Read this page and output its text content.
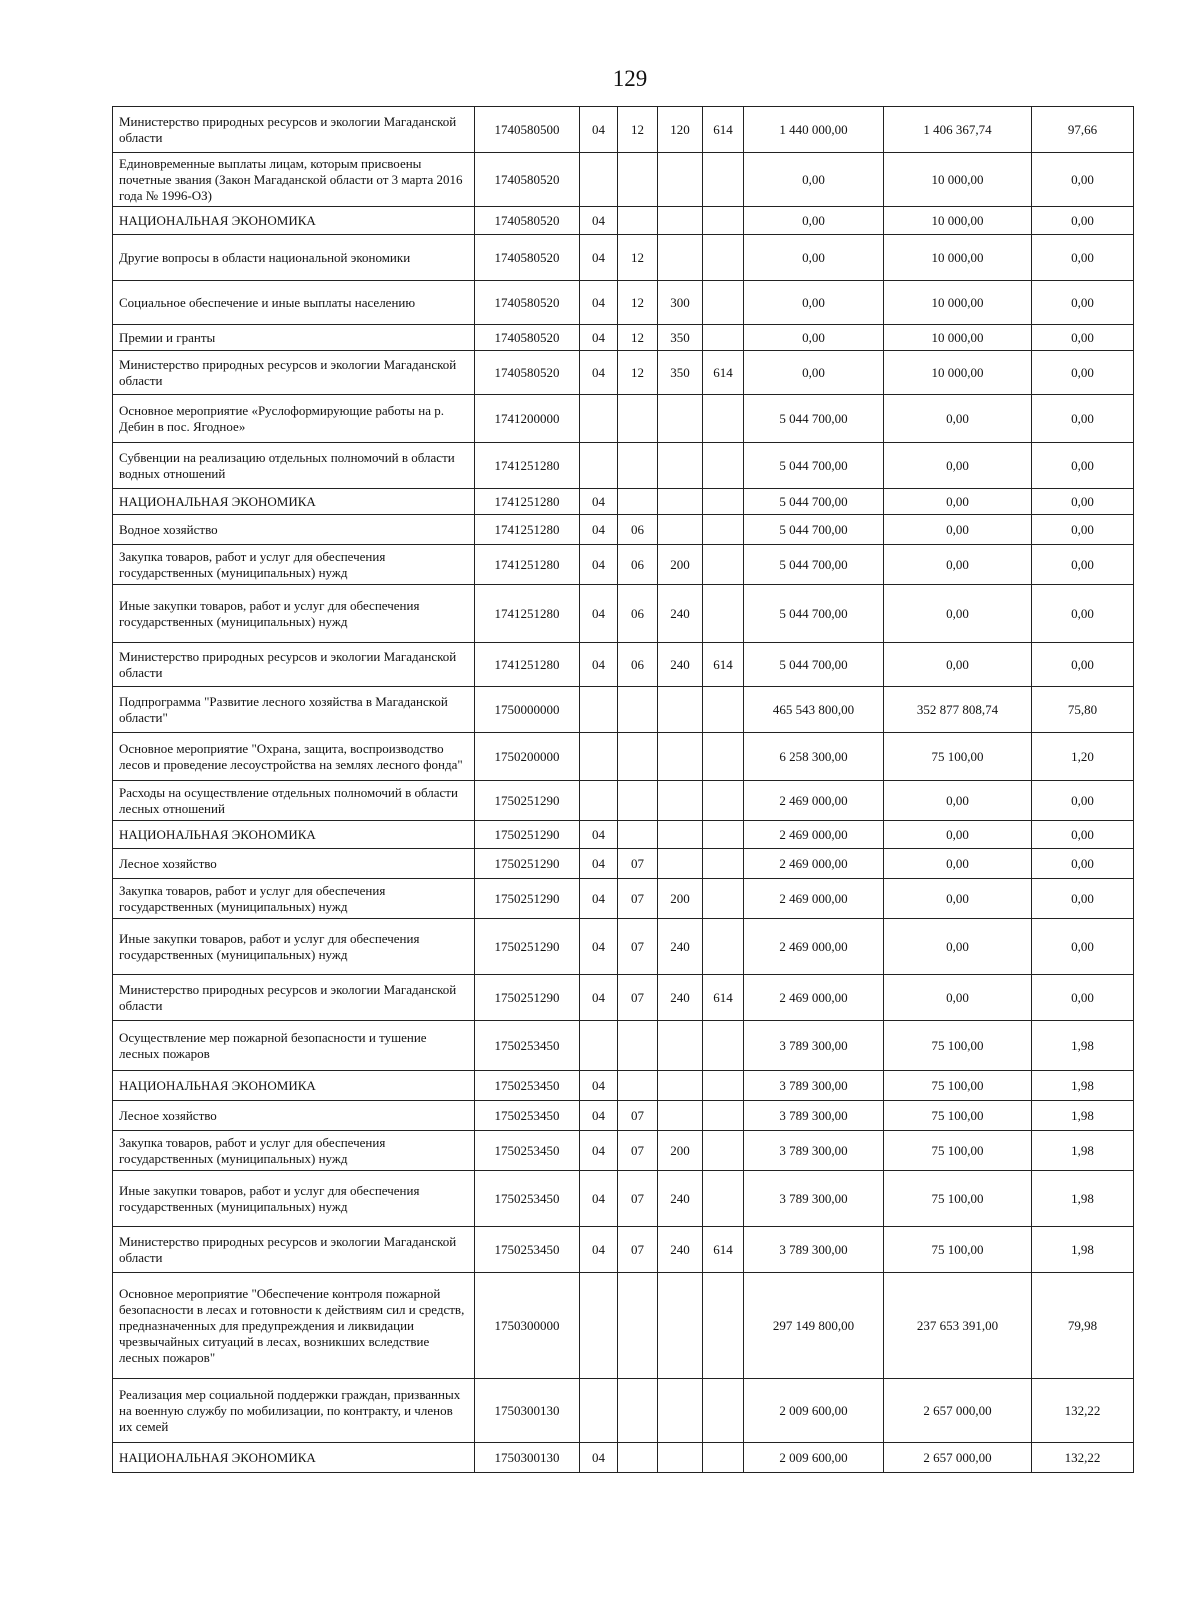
129
Министерство природных ресурсов и экологии Магаданской области	1740580500	04	12	120	614	1 440 000,00	1 406 367,74	97,66
Единовременные выплаты лицам, которым присвоены почетные звания (Закон Магаданской области от 3 марта 2016 года № 1996-ОЗ)	1740580520					0,00	10 000,00	0,00
НАЦИОНАЛЬНАЯ ЭКОНОМИКА	1740580520	04				0,00	10 000,00	0,00
Другие вопросы в области национальной экономики	1740580520	04	12			0,00	10 000,00	0,00
Социальное обеспечение и иные выплаты населению	1740580520	04	12	300		0,00	10 000,00	0,00
Премии и гранты	1740580520	04	12	350		0,00	10 000,00	0,00
Министерство природных ресурсов и экологии Магаданской области	1740580520	04	12	350	614	0,00	10 000,00	0,00
Основное мероприятие «Руслоформирующие работы на р. Дебин в пос. Ягодное»	1741200000					5 044 700,00	0,00	0,00
Субвенции на реализацию отдельных полномочий в области водных отношений	1741251280					5 044 700,00	0,00	0,00
НАЦИОНАЛЬНАЯ ЭКОНОМИКА	1741251280	04				5 044 700,00	0,00	0,00
Водное хозяйство	1741251280	04	06			5 044 700,00	0,00	0,00
Закупка товаров, работ и услуг для обеспечения государственных (муниципальных) нужд	1741251280	04	06	200		5 044 700,00	0,00	0,00
Иные закупки товаров, работ и услуг для обеспечения государственных (муниципальных) нужд	1741251280	04	06	240		5 044 700,00	0,00	0,00
Министерство природных ресурсов и экологии Магаданской области	1741251280	04	06	240	614	5 044 700,00	0,00	0,00
Подпрограмма "Развитие лесного хозяйства в Магаданской области"	1750000000					465 543 800,00	352 877 808,74	75,80
Основное мероприятие "Охрана, защита, воспроизводство лесов и проведение лесоустройства на землях лесного фонда"	1750200000					6 258 300,00	75 100,00	1,20
Расходы на осуществление отдельных полномочий в области лесных отношений	1750251290					2 469 000,00	0,00	0,00
НАЦИОНАЛЬНАЯ ЭКОНОМИКА	1750251290	04				2 469 000,00	0,00	0,00
Лесное хозяйство	1750251290	04	07			2 469 000,00	0,00	0,00
Закупка товаров, работ и услуг для обеспечения государственных (муниципальных) нужд	1750251290	04	07	200		2 469 000,00	0,00	0,00
Иные закупки товаров, работ и услуг для обеспечения государственных (муниципальных) нужд	1750251290	04	07	240		2 469 000,00	0,00	0,00
Министерство природных ресурсов и экологии Магаданской области	1750251290	04	07	240	614	2 469 000,00	0,00	0,00
Осуществление мер пожарной безопасности и тушение лесных пожаров	1750253450					3 789 300,00	75 100,00	1,98
НАЦИОНАЛЬНАЯ ЭКОНОМИКА	1750253450	04				3 789 300,00	75 100,00	1,98
Лесное хозяйство	1750253450	04	07			3 789 300,00	75 100,00	1,98
Закупка товаров, работ и услуг для обеспечения государственных (муниципальных) нужд	1750253450	04	07	200		3 789 300,00	75 100,00	1,98
Иные закупки товаров, работ и услуг для обеспечения государственных (муниципальных) нужд	1750253450	04	07	240		3 789 300,00	75 100,00	1,98
Министерство природных ресурсов и экологии Магаданской области	1750253450	04	07	240	614	3 789 300,00	75 100,00	1,98
Основное мероприятие "Обеспечение контроля пожарной безопасности в лесах и готовности к действиям сил и средств, предназначенных для предупреждения и ликвидации чрезвычайных ситуаций в лесах, возникших вследствие лесных пожаров"	1750300000					297 149 800,00	237 653 391,00	79,98
Реализация мер социальной поддержки граждан, призванных на военную службу по мобилизации, по контракту, и членов их семей	1750300130					2 009 600,00	2 657 000,00	132,22
НАЦИОНАЛЬНАЯ ЭКОНОМИКА	1750300130	04				2 009 600,00	2 657 000,00	132,22
